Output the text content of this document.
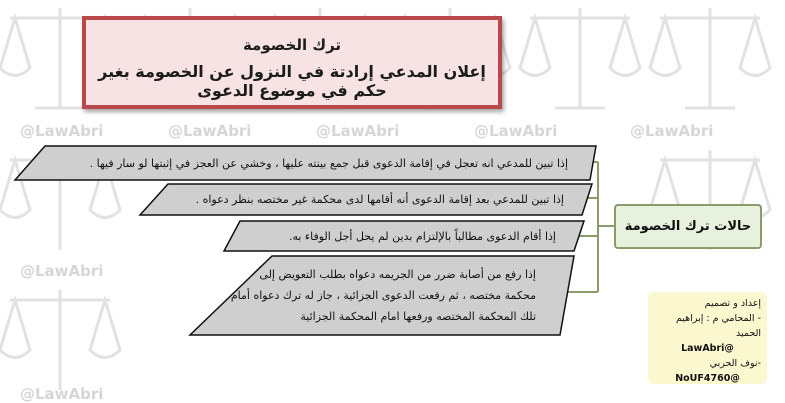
@LawAbri	@LawAbri	@LawAbri	@LawAbri	@LawAbri
@LawAbri
@LawAbri
ترك الخصومة
إعلان المدعي إرادتة في النزول عن الخصومة بغير حكم في موضوع الدعوى
حالات ترك الخصومة
إذا تبين للمدعي انه تعجل في إقامة الدعوى قبل جمع بينته عليها ، وخشي عن العجز في إثبتها لو سار فيها .
إذا تبين للمدعي بعد إقامة الدعوى أنه أقامها لدى محكمة غير مختصه بنظر دعواه .
إذا أقام الدعوى مطالباً بالإلتزام بدين لم يحل أجل الوفاء به.
إذا رفع من أصابة ضرر من الجريمه دعواه بطلب التعويض إلى
محكمة مختصه ، ثم رفعت الدعوى الجزائية ، جاز له ترك دعواه أمام
تلك المحكمة المختصه ورفعها امام المحكمة الجزائية
إعداد و تصميم
- المحامي م : إبراهيم الحميد
@LawAbri
-نوف الحربي
@NoUF4760
